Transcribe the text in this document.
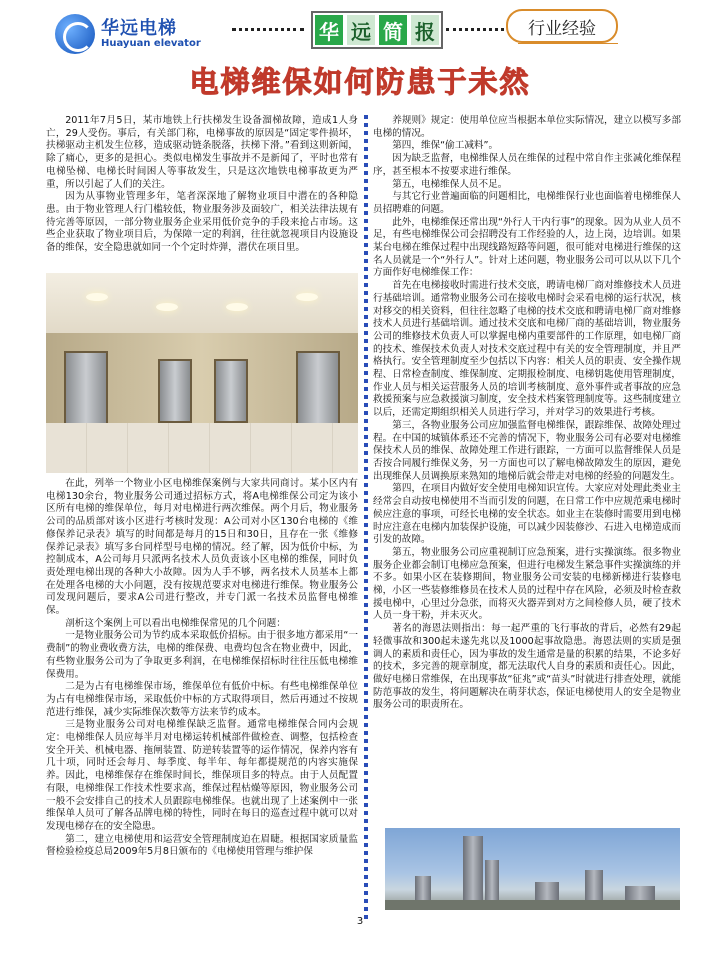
华远电梯
Huayuan elevator	华 远 简 报	行业经验
电梯维保如何防患于未然

2011年7月5日，某市地铁上行扶梯发生设备溜梯故障，造成1人身亡，29人受伤。事后，有关部门称，电梯事故的原因是“固定零件损坏，扶梯驱动主机发生位移，造成驱动链条脱落，扶梯下滑。”看到这则新闻，除了痛心，更多的是担心。类似电梯发生事故并不是新闻了，平时也常有电梯坠梯、电梯长时间困人等事故发生，只是这次地铁电梯事故更为严重，所以引起了人们的关注。

因为从事物业管理多年，笔者深深地了解物业项目中潜在的各种隐患。由于物业管理人行门槛较低，物业服务涉及面较广，相关法律法规有待完善等原因，一部分物业服务企业采用低价竞争的手段来抢占市场。这些企业获取了物业项目后，为保障一定的利润，往往就忽视项目内设施设备的维保，安全隐患就如同一个个定时炸弹，潜伏在项目里。

在此，列举一个物业小区电梯维保案例与大家共同商讨。某小区内有电梯130余台，物业服务公司通过招标方式，将A电梯维保公司定为该小区所有电梯的维保单位，每月对电梯进行两次维保。两个月后，物业服务公司的品质部对该小区进行考核时发现：A公司对小区130台电梯的《维修保养记录表》填写的时间都是每月的15日和30日，且存在一张《维修保养记录表》填写多台同样型号电梯的情况。经了解，因为低价中标，为控制成本，A公司每月只派两名技术人员负责该小区电梯的维保，同时负责处理电梯出现的各种大小故障。因为人手不够，两名技术人员基本上都在处理各电梯的大小问题，没有按规范要求对电梯进行维保。物业服务公司发现问题后，要求A公司进行整改，并专门派一名技术员监督电梯维保。

剖析这个案例上可以看出电梯维保常见的几个问题：

一是物业服务公司为节约成本采取低价招标。由于很多地方都采用“一费制”的物业费收费方法，电梯的维保费、电费均包含在物业费中，因此，有些物业服务公司为了争取更多利润，在电梯维保招标时往往压低电梯维保费用。

二是为占有电梯维保市场，维保单位有低价中标。有些电梯维保单位为占有电梯维保市场，采取低价中标的方式取得项目，然后再通过不按规范进行维保，减少实际维保次数等方法来节约成本。

三是物业服务公司对电梯维保缺乏监督。通常电梯维保合同内会规定：电梯维保人员应每半月对电梯运转机械部件做检查、调整，包括检查安全开关、机械电器、拖闸装置、防逆转装置等的运作情况，保养内容有几十项，同时还会每月、每季度、每半年、每年都提规范的内容实施保养。因此，电梯维保存在维保时间长，维保项目多的特点。由于人员配置有限，电梯维保工作技术性要求高，维保过程枯燥等原因，物业服务公司一般不会安排自己的技术人员跟踪电梯维保。也就出现了上述案例中一张维保单人员可了解各品牌电梯的特性，同时在每日的巡查过程中就可以对发现电梯存在的安全隐患。

第二，建立电梯使用和运营安全管理制度迫在眉睫。根据国家质量监督检验检疫总局2009年5月8日颁布的《电梯使用管理与维护保

养规则》规定：使用单位应当根据本单位实际情况，建立以模写多部电梯的情况。

第四，维保“偷工减料”。

因为缺乏监督，电梯维保人员在维保的过程中常自作主张减化维保程序，甚至根本不按要求进行维保。

第五，电梯维保人员不足。

与其它行业普遍面临的问题相比，电梯维保行业也面临着电梯维保人员招聘难的问题。

此外，电梯维保还常出现“外行人干内行事”的现象。因为从业人员不足，有些电梯维保公司会招聘没有工作经验的人，边上岗，边培训。如果某台电梯在维保过程中出现线路短路等问题，很可能对电梯进行维保的这名人员就是一个“外行人”。针对上述问题，物业服务公司可以从以下几个方面作好电梯维保工作：

首先在电梯接收时需进行技术交底，聘请电梯厂商对维修技术人员进行基础培训。通常物业服务公司在接收电梯时会采看电梯的运行状况，核对移交的相关资料，但往往忽略了电梯的技术交底和聘请电梯厂商对维修技术人员进行基础培训。通过技术交底和电梯厂商的基础培训，物业服务公司的维修技术负责人可以掌握电梯内重要部件的工作原理，如电梯厂商的技术、维保技术负责人对技术交底过程中有关的安全管理制度，并且严格执行。安全管理制度至少包括以下内容：相关人员的职责、安全操作规程、日常检查制度、维保制度、定期报检制度、电梯钥匙使用管理制度，作业人员与相关运营服务人员的培训考核制度、意外事件或者事故的应急救援预案与应急救援演习制度，安全技术档案管理制度等。这些制度建立以后，还需定期组织相关人员进行学习，并对学习的效果进行考核。

第三，各物业服务公司应加强监督电梯维保，跟踪维保、故障处理过程。在中国的城镇体系还不完善的情况下，物业服务公司有必要对电梯维保技术人员的维保、故障处理工作进行跟踪，一方面可以监督维保人员是否按合同履行维保义务，另一方面也可以了解电梯故障发生的原因，避免出现维保人员调换原来熟知的地梯后就会带走对电梯的经验的问题发生。

第四，在项目内做好安全使用电梯知识宣传。大家应对处理此类业主经常会自动按电梯使用不当而引发的问题，在日常工作中应规范乘电梯时候应注意的事项，可经长电梯的安全状态。如业主在装修时需要用到电梯时应注意在电梯内加装保护设施，可以减少因装修沙、石进入电梯造成而引发的故障。

第五，物业服务公司应重视制订应急预案，进行实操演练。很多物业服务企业都会制订电梯应急预案，但进行电梯发生紧急事件实操演练的并不多。如果小区在装修期间，物业服务公司安装的电梯新梯进行装修电梯，小区一些装修维修员在技术人员的过程中存在风险，必须及时检查救援电梯中，心里过分急张，而将灭火器弄到对方之间检修人员，硬了技术人员一身干粉，并未灭火。

著名的海恩法则指出：每一起严重的飞行事故的背后，必然有29起轻微事故和300起未遂先兆以及1000起事故隐患。海恩法则的实质是强调人的素质和责任心，因为事故的发生通常是量的积累的结果，不论多好的技术，多完善的规章制度，都无法取代人自身的素质和责任心。因此，做好电梯日常维保，在出现事故“征兆”或“苗头”时就进行排查处理，就能防范事故的发生，将问题解决在萌芽状态，保证电梯使用人的安全是物业服务公司的职责所在。

3
